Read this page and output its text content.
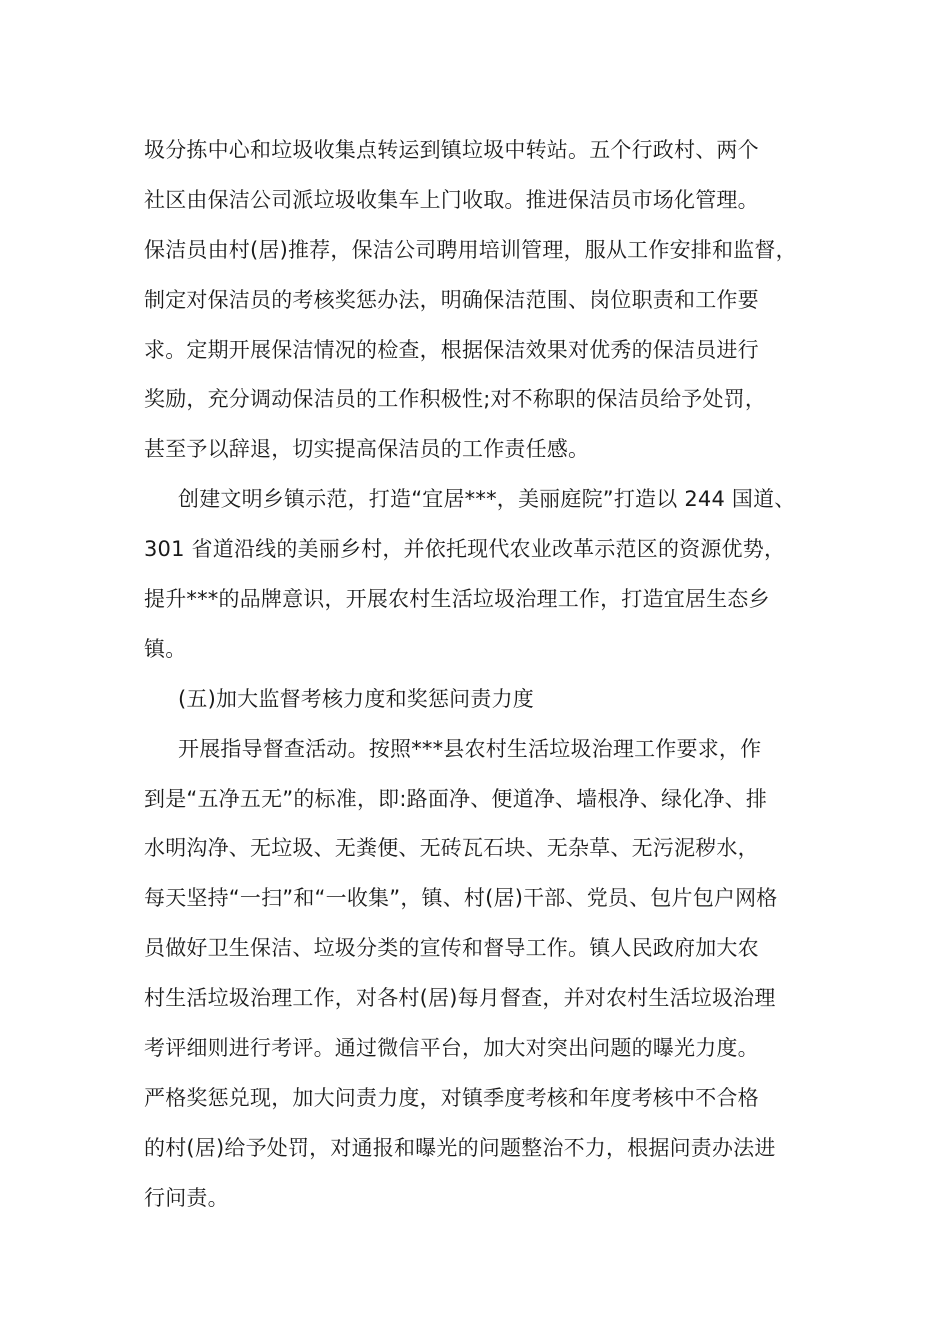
圾分拣中心和垃圾收集点转运到镇垃圾中转站。五个行政村、两个
社区由保洁公司派垃圾收集车上门收取。推进保洁员市场化管理。
保洁员由村(居)推荐，保洁公司聘用培训管理，服从工作安排和监督，
制定对保洁员的考核奖惩办法，明确保洁范围、岗位职责和工作要
求。定期开展保洁情况的检查，根据保洁效果对优秀的保洁员进行
奖励，充分调动保洁员的工作积极性;对不称职的保洁员给予处罚，
甚至予以辞退，切实提高保洁员的工作责任感。
创建文明乡镇示范，打造“宜居***，美丽庭院”打造以 244 国道、
301 省道沿线的美丽乡村，并依托现代农业改革示范区的资源优势，
提升***的品牌意识，开展农村生活垃圾治理工作，打造宜居生态乡
镇。
(五)加大监督考核力度和奖惩问责力度
开展指导督查活动。按照***县农村生活垃圾治理工作要求，作
到是“五净五无”的标准，即:路面净、便道净、墙根净、绿化净、排
水明沟净、无垃圾、无粪便、无砖瓦石块、无杂草、无污泥秽水，
每天坚持“一扫”和“一收集”，镇、村(居)干部、党员、包片包户网格
员做好卫生保洁、垃圾分类的宣传和督导工作。镇人民政府加大农
村生活垃圾治理工作，对各村(居)每月督查，并对农村生活垃圾治理
考评细则进行考评。通过微信平台，加大对突出问题的曝光力度。
严格奖惩兑现，加大问责力度，对镇季度考核和年度考核中不合格
的村(居)给予处罚，对通报和曝光的问题整治不力，根据问责办法进
行问责。
